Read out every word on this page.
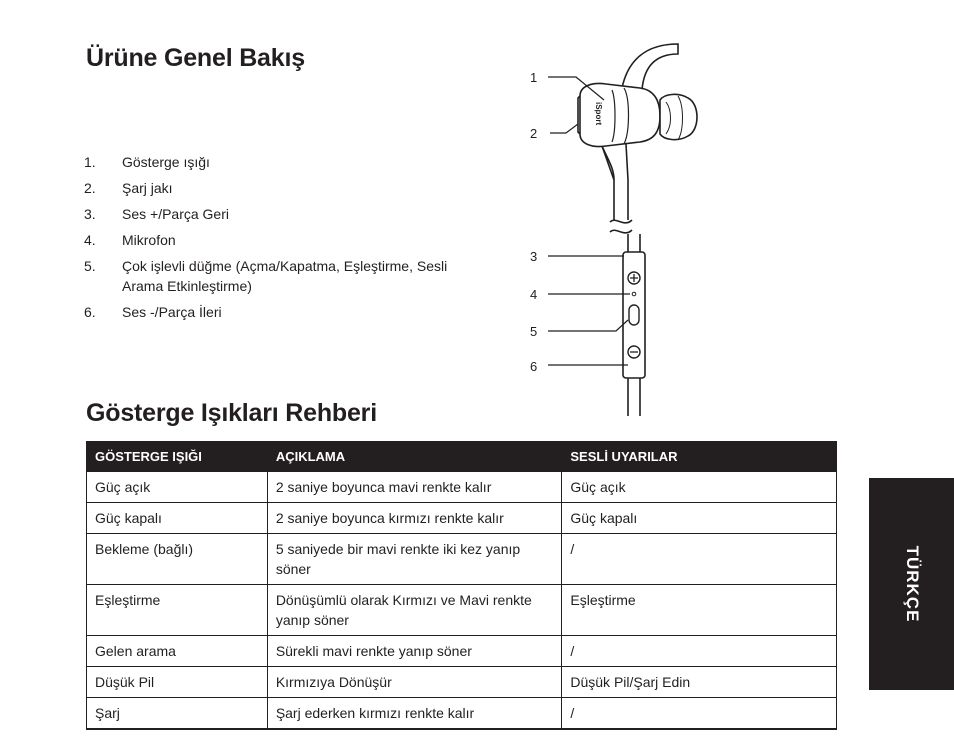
Ürüne Genel Bakış
1.	Gösterge ışığı
2.	Şarj jakı
3.	Ses +/Parça Geri
4.	Mikrofon
5.	Çok işlevli düğme (Açma/Kapatma, Eşleştirme, Sesli Arama Etkinleştirme)
6.	Ses -/Parça İleri
iSport
1
2
3
4
5
6
Gösterge Işıkları Rehberi
GÖSTERGE IŞIĞI	AÇIKLAMA	SESLİ UYARILAR
Güç açık	2 saniye boyunca mavi renkte kalır	Güç açık
Güç kapalı	2 saniye boyunca kırmızı renkte kalır	Güç kapalı
Bekleme (bağlı)	5 saniyede bir mavi renkte iki kez yanıp söner	/
Eşleştirme	Dönüşümlü olarak Kırmızı ve Mavi renkte yanıp söner	Eşleştirme
Gelen arama	Sürekli mavi renkte yanıp söner	/
Düşük Pil	Kırmızıya Dönüşür	Düşük Pil/Şarj Edin
Şarj	Şarj ederken kırmızı renkte kalır	/
TÜRKÇE
